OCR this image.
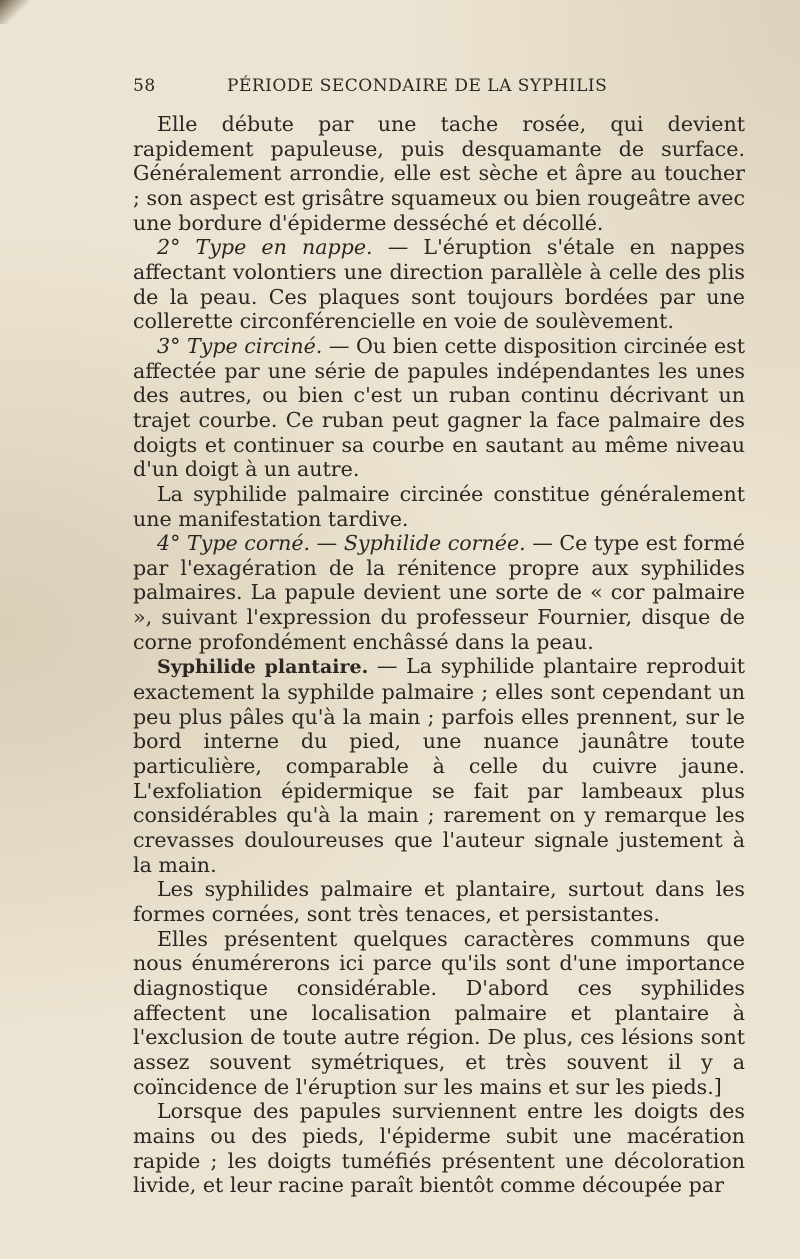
58	PÉRIODE SECONDAIRE DE LA SYPHILIS

Elle débute par une tache rosée, qui devient rapidement papuleuse, puis desquamante de surface. Généralement arrondie, elle est sèche et âpre au toucher ; son aspect est grisâtre squameux ou bien rougeâtre avec une bordure d'épiderme desséché et décollé.

2° Type en nappe. — L'éruption s'étale en nappes affectant volontiers une direction parallèle à celle des plis de la peau. Ces plaques sont toujours bordées par une collerette circonférencielle en voie de soulèvement.

3° Type circiné. — Ou bien cette disposition circinée est affectée par une série de papules indépendantes les unes des autres, ou bien c'est un ruban continu décrivant un trajet courbe. Ce ruban peut gagner la face palmaire des doigts et continuer sa courbe en sautant au même niveau d'un doigt à un autre.

La syphilide palmaire circinée constitue généralement une manifestation tardive.

4° Type corné. — Syphilide cornée. — Ce type est formé par l'exagération de la rénitence propre aux syphilides palmaires. La papule devient une sorte de « cor palmaire », suivant l'expression du professeur Fournier, disque de corne profondément enchâssé dans la peau.

Syphilide plantaire. — La syphilide plantaire reproduit exactement la syphilde palmaire ; elles sont cependant un peu plus pâles qu'à la main ; parfois elles prennent, sur le bord interne du pied, une nuance jaunâtre toute particulière, comparable à celle du cuivre jaune. L'exfoliation épidermique se fait par lambeaux plus considérables qu'à la main ; rarement on y remarque les crevasses douloureuses que l'auteur signale justement à la main.

Les syphilides palmaire et plantaire, surtout dans les formes cornées, sont très tenaces, et persistantes.

Elles présentent quelques caractères communs que nous énumérerons ici parce qu'ils sont d'une importance diagnostique considérable. D'abord ces syphilides affectent une localisation palmaire et plantaire à l'exclusion de toute autre région. De plus, ces lésions sont assez souvent symétriques, et très souvent il y a coïncidence de l'éruption sur les mains et sur les pieds.]

Lorsque des papules surviennent entre les doigts des mains ou des pieds, l'épiderme subit une macération rapide ; les doigts tuméfiés présentent une décoloration livide, et leur racine paraît bientôt comme découpée par
